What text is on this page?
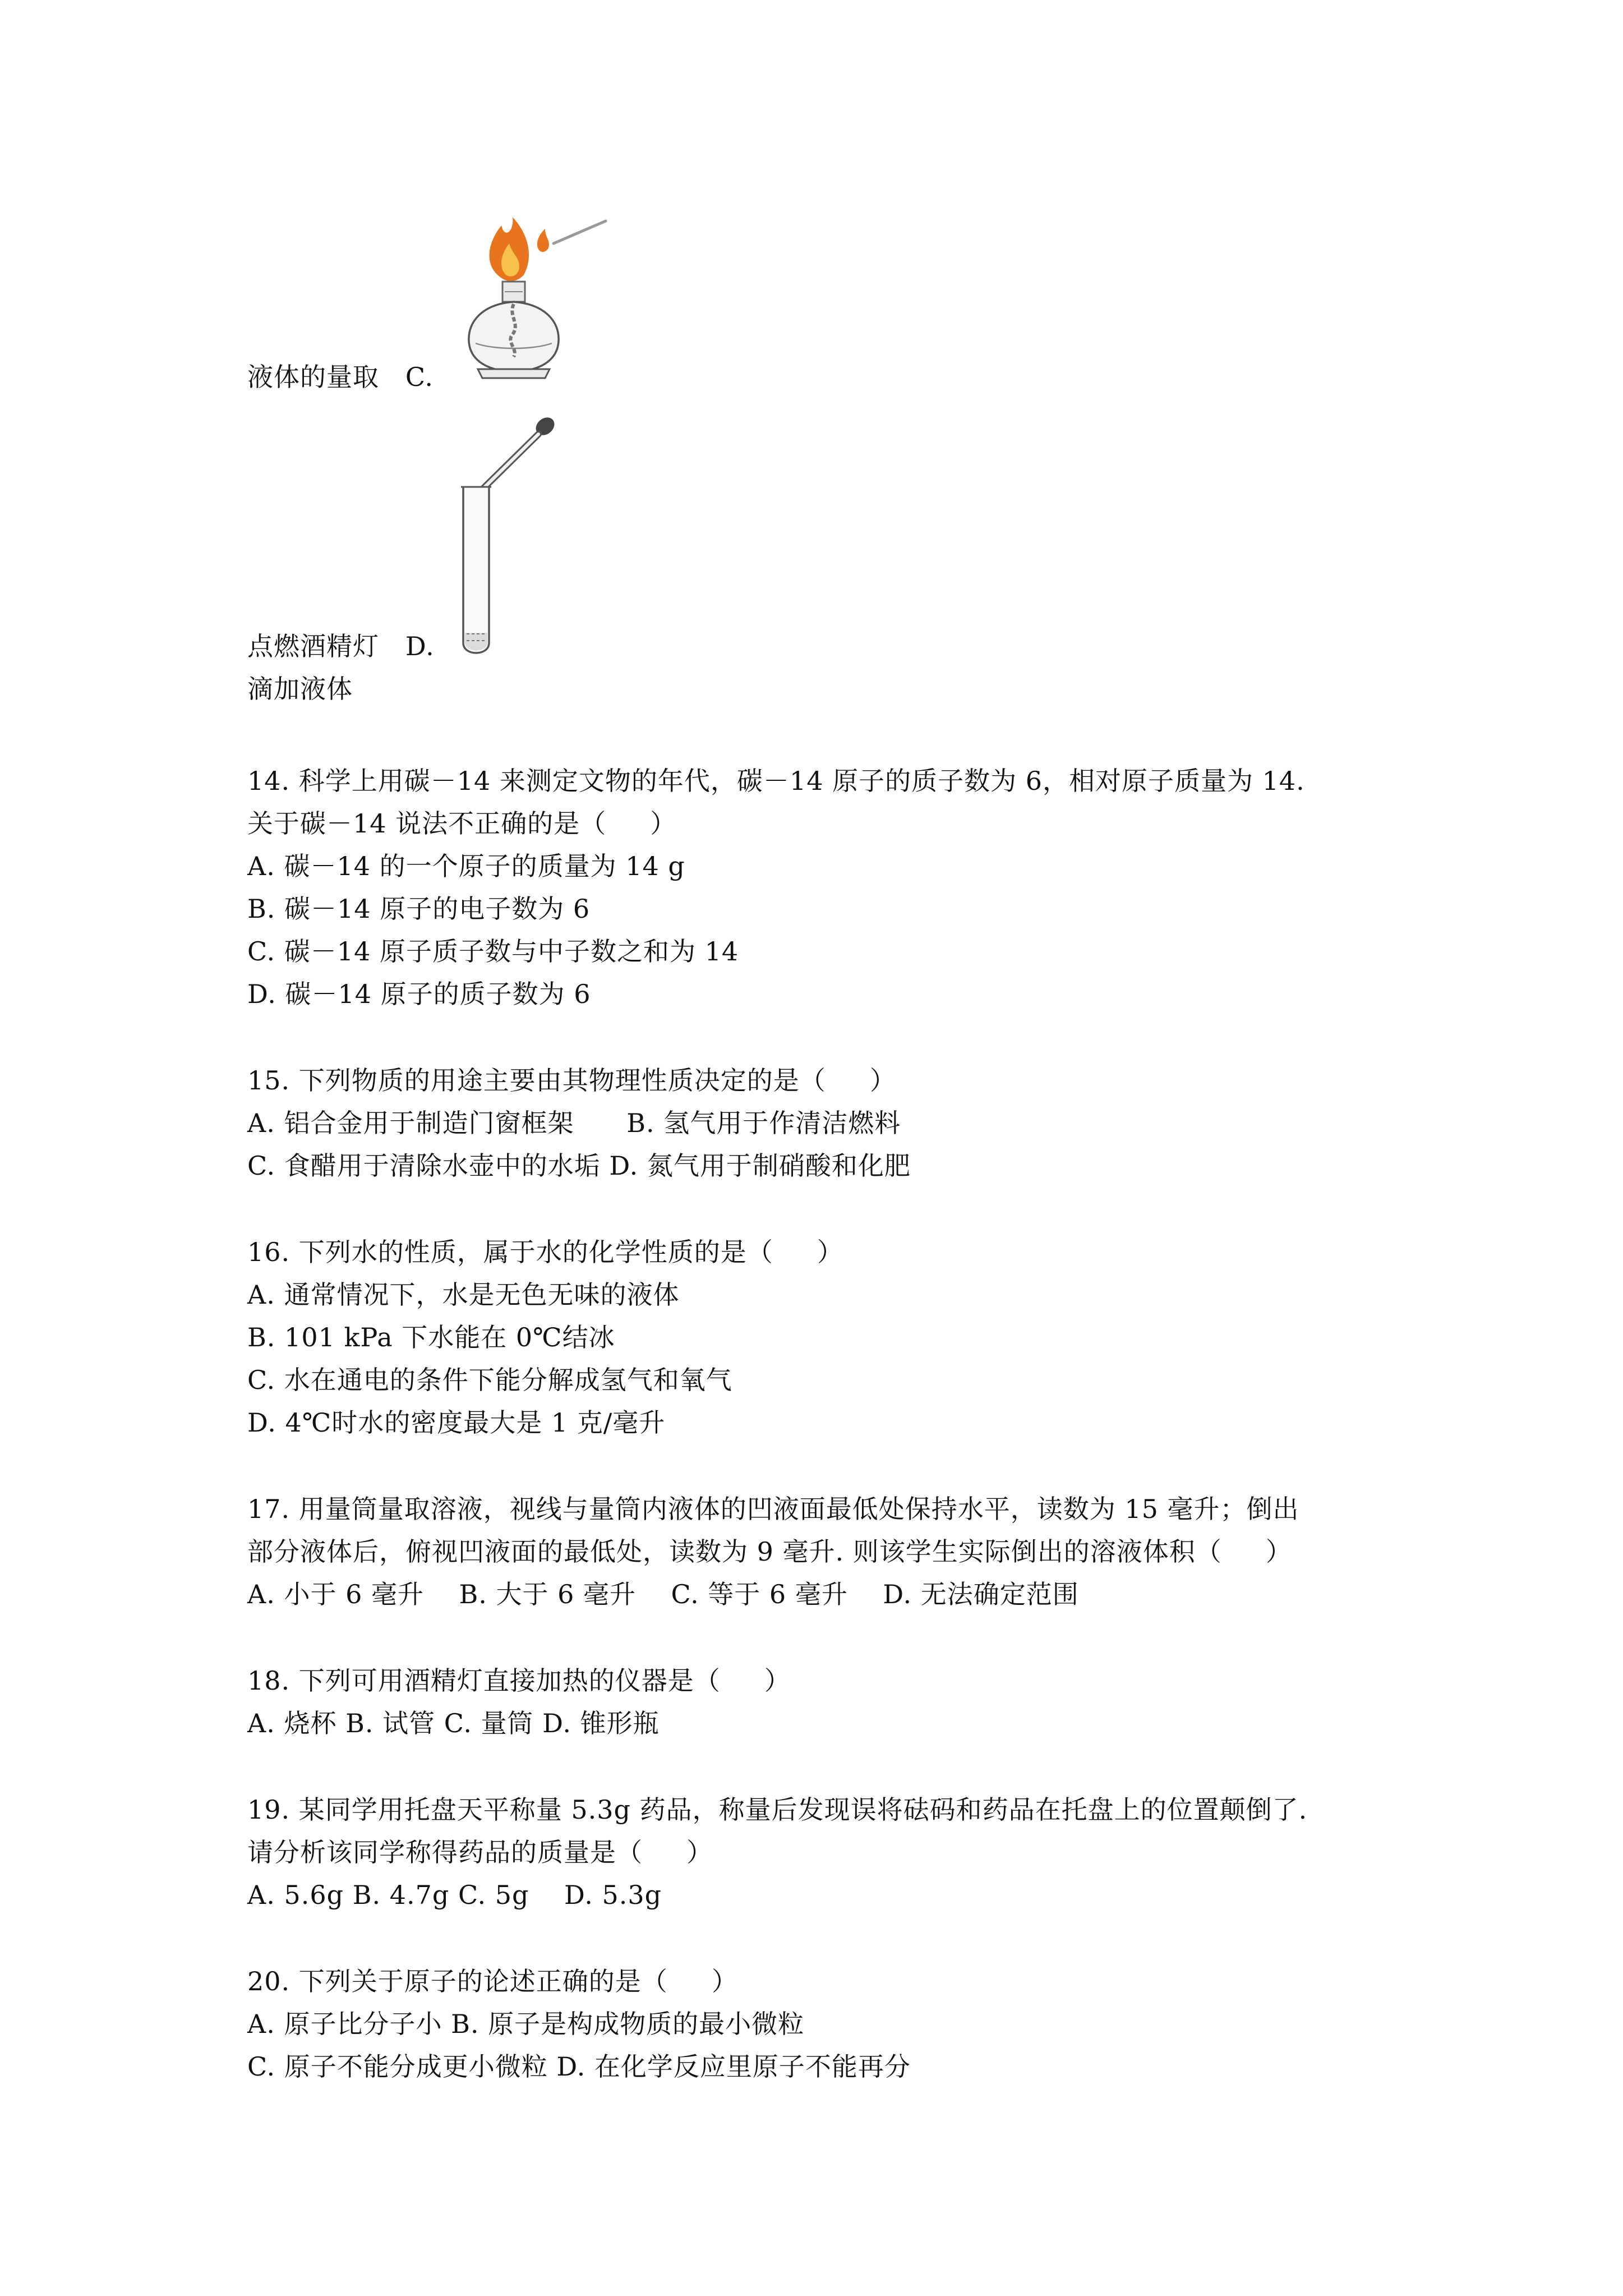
液体的量取   C.
点燃酒精灯   D.
滴加液体
14. 科学上用碳－14 来测定文物的年代，碳－14 原子的质子数为 6，相对原子质量为 14.
关于碳－14 说法不正确的是（     ）
A. 碳－14 的一个原子的质量为 14 g
B. 碳－14 原子的电子数为 6
C. 碳－14 原子质子数与中子数之和为 14
D. 碳－14 原子的质子数为 6
15. 下列物质的用途主要由其物理性质决定的是（     ）
A. 铝合金用于制造门窗框架      B. 氢气用于作清洁燃料
C. 食醋用于清除水壶中的水垢 D. 氮气用于制硝酸和化肥
16. 下列水的性质，属于水的化学性质的是（     ）
A. 通常情况下，水是无色无味的液体
B. 101 kPa 下水能在 0℃结冰
C. 水在通电的条件下能分解成氢气和氧气
D. 4℃时水的密度最大是 1 克/毫升
17. 用量筒量取溶液，视线与量筒内液体的凹液面最低处保持水平，读数为 15 毫升；倒出
部分液体后，俯视凹液面的最低处，读数为 9 毫升. 则该学生实际倒出的溶液体积（     ）
A. 小于 6 毫升    B. 大于 6 毫升    C. 等于 6 毫升    D. 无法确定范围
18. 下列可用酒精灯直接加热的仪器是（     ）
A. 烧杯 B. 试管 C. 量筒 D. 锥形瓶
19. 某同学用托盘天平称量 5.3g 药品，称量后发现误将砝码和药品在托盘上的位置颠倒了.
请分析该同学称得药品的质量是（     ）
A. 5.6g B. 4.7g C. 5g    D. 5.3g
20. 下列关于原子的论述正确的是（     ）
A. 原子比分子小 B. 原子是构成物质的最小微粒
C. 原子不能分成更小微粒 D. 在化学反应里原子不能再分
